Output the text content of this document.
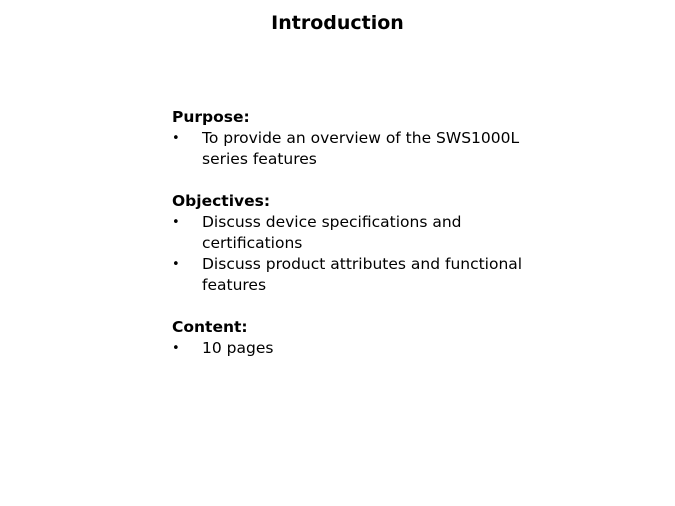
Introduction
Purpose:
• To provide an overview of the SWS1000L series features
Objectives:
• Discuss device specifications and certifications
• Discuss product attributes and functional features
Content:
• 10 pages
